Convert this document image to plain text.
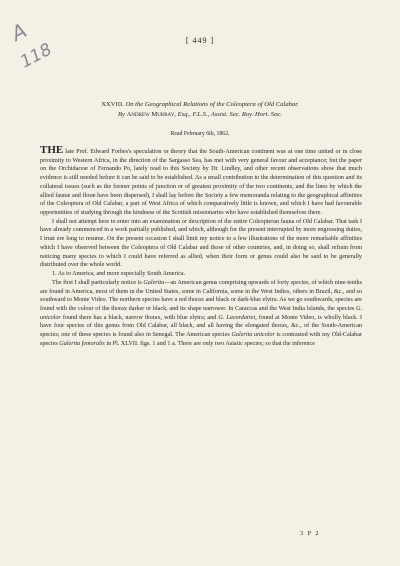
A
118	[ 449 ]
XXVIII. On the Geographical Relations of the Coleoptera of Old Calabar.
By Andrew Murray, Esq., F.L.S., Assist. Sec. Roy. Hort. Soc.
Read February 6th, 1862.

THE late Prof. Edward Forbes's speculation or theory that the South-American continent was at one time united or in close proximity to Western Africa, in the direction of the Sargasso Sea, has met with very general favour and acceptance; but the paper on the Orchidaceæ of Fernando Po, lately read to this Society by Dr. Lindley, and other recent observations show that much evidence is still needed before it can be said to be established. As a small contribution to the determination of this question and its collateral issues (such as the former points of junction or of greatest proximity of the two continents, and the lines by which the allied faunæ and floræ have been dispersed), I shall lay before the Society a few memoranda relating to the geographical affinities of the Coleoptera of Old Calabar, a part of West Africa of which comparatively little is known, and which I have had favourable opportunities of studying through the kindness of the Scottish missionaries who have established themselves there.

I shall not attempt here to enter into an examination or description of the entire Coleopteran fauna of Old Calabar. That task I have already commenced in a work partially published, and which, although for the present interrupted by more engrossing duties, I trust ere long to resume. On the present occasion I shall limit my notice to a few illustrations of the more remarkable affinities which I have observed between the Coleoptera of Old Calabar and those of other countries, and, in doing so, shall refrain from noticing many species to which I could have referred as allied, when their form or genus could also be said to be generally distributed over the whole world.

1. As to America, and more especially South America.

The first I shall particularly notice is Galerita—an American genus comprising upwards of forty species, of which nine-tenths are found in America, most of them in the United States, some in California, some in the West Indies, others in Brazil, &c., and so southward to Monte Video. The northern species have a red thorax and black or dark-blue elytra. As we go southwards, species are found with the colour of the thorax darker or black, and its shape narrower. In Caraccas and the West India Islands, the species G. unicolor found there has a black, narrow thorax, with blue elytra; and G. Lacordairei, found at Monte Video, is wholly black. I have four species of this genus from Old Calabar, all black, and all having the elongated thorax, &c., of the South-American species; one of these species is found also in Senegal. The American species Galerita unicolor is contrasted with my Old-Calabar species Galerita femoralis in Pl. XLVII. figs. 1 and 1 a. There are only two Asiatic species; so that the inference

3 P 2
